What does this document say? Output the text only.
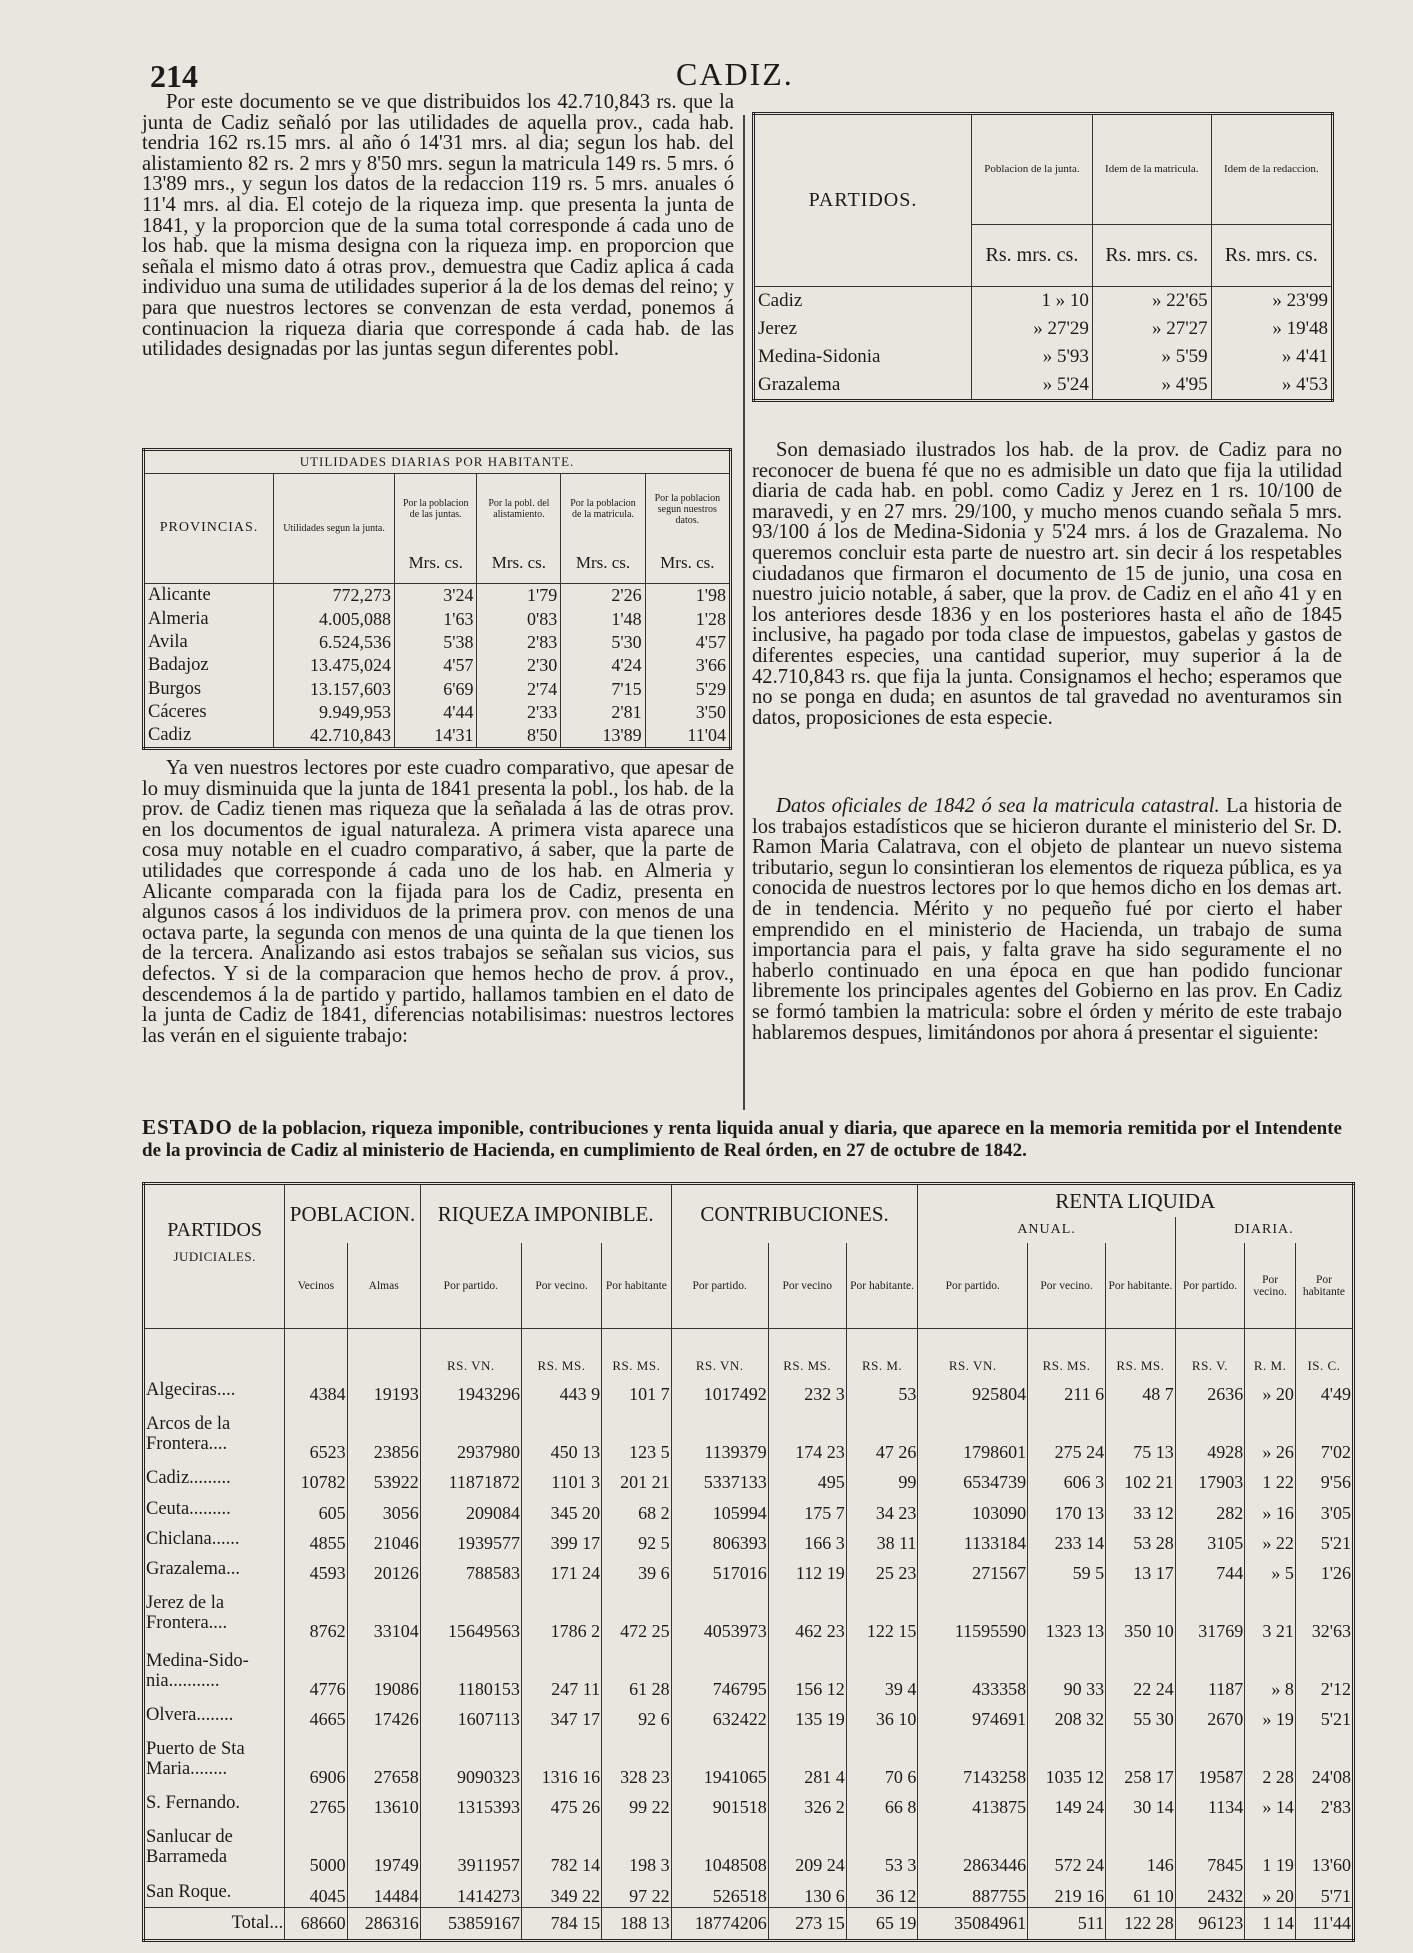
214	CADIZ.

Por este documento se ve que distribuidos los 42.710,843 rs. que la junta de Cadiz señaló por las utilidades de aquella prov., cada hab. tendria 162 rs.15 mrs. al año ó 14'31 mrs. al dia; segun los hab. del alistamiento 82 rs. 2 mrs y 8'50 mrs. segun la matricula 149 rs. 5 mrs. ó 13'89 mrs., y segun los datos de la redaccion 119 rs. 5 mrs. anuales ó 11'4 mrs. al dia. El cotejo de la riqueza imp. que presenta la junta de 1841, y la proporcion que de la suma total corresponde á cada uno de los hab. que la misma designa con la riqueza imp. en proporcion que señala el mismo dato á otras prov., demuestra que Cadiz aplica á cada individuo una suma de utilidades superior á la de los demas del reino; y para que nuestros lectores se convenzan de esta verdad, ponemos á continuacion la riqueza diaria que corresponde á cada hab. de las utilidades designadas por las juntas segun diferentes pobl.

UTILIDADES DIARIAS POR HABITANTE.					
PROVINCIAS.	Utilidades segun la junta.	Por la poblacion de las juntas.	Por la pobl. del alistamiento.	Por la poblacion de la matricula.	Por la poblacion segun nuestros datos.
		Mrs. cs.	Mrs. cs.	Mrs. cs.	Mrs. cs.
Alicante	772,273	3'24	1'79	2'26	1'98
Almeria	4.005,088	1'63	0'83	1'48	1'28
Avila	6.524,536	5'38	2'83	5'30	4'57
Badajoz	13.475,024	4'57	2'30	4'24	3'66
Burgos	13.157,603	6'69	2'74	7'15	5'29
Cáceres	9.949,953	4'44	2'33	2'81	3'50
Cadiz	42.710,843	14'31	8'50	13'89	11'04

Ya ven nuestros lectores por este cuadro comparativo, que apesar de lo muy disminuida que la junta de 1841 presenta la pobl., los hab. de la prov. de Cadiz tienen mas riqueza que la señalada á las de otras prov. en los documentos de igual naturaleza. A primera vista aparece una cosa muy notable en el cuadro comparativo, á saber, que la parte de utilidades que corresponde á cada uno de los hab. en Almeria y Alicante comparada con la fijada para los de Cadiz, presenta en algunos casos á los individuos de la primera prov. con menos de una octava parte, la segunda con menos de una quinta de la que tienen los de la tercera. Analizando asi estos trabajos se señalan sus vicios, sus defectos. Y si de la comparacion que hemos hecho de prov. á prov., descendemos á la de partido y partido, hallamos tambien en el dato de la junta de Cadiz de 1841, diferencias notabilisimas: nuestros lectores las verán en el siguiente trabajo:

PARTIDOS.	Poblacion de la junta.	Idem de la matricula.	Idem de la redaccion.
	Rs. mrs. cs.	Rs. mrs. cs.	Rs. mrs. cs.
Cadiz	1 » 10	» 22'65	» 23'99
Jerez	» 27'29	» 27'27	» 19'48
Medina-Sidonia	» 5'93	» 5'59	» 4'41
Grazalema	» 5'24	» 4'95	» 4'53

Son demasiado ilustrados los hab. de la prov. de Cadiz para no reconocer de buena fé que no es admisible un dato que fija la utilidad diaria de cada hab. en pobl. como Cadiz y Jerez en 1 rs. 10/100 de maravedi, y en 27 mrs. 29/100, y mucho menos cuando señala 5 mrs. 93/100 á los de Medina-Sidonia y 5'24 mrs. á los de Grazalema. No queremos concluir esta parte de nuestro art. sin decir á los respetables ciudadanos que firmaron el documento de 15 de junio, una cosa en nuestro juicio notable, á saber, que la prov. de Cadiz en el año 41 y en los anteriores desde 1836 y en los posteriores hasta el año de 1845 inclusive, ha pagado por toda clase de impuestos, gabelas y gastos de diferentes especies, una cantidad superior, muy superior á la de 42.710,843 rs. que fija la junta. Consignamos el hecho; esperamos que no se ponga en duda; en asuntos de tal gravedad no aventuramos sin datos, proposiciones de esta especie.

Datos oficiales de 1842 ó sea la matricula catastral. La historia de los trabajos estadísticos que se hicieron durante el ministerio del Sr. D. Ramon Maria Calatrava, con el objeto de plantear un nuevo sistema tributario, segun lo consintieran los elementos de riqueza pública, es ya conocida de nuestros lectores por lo que hemos dicho en los demas art. de in tendencia. Mérito y no pequeño fué por cierto el haber emprendido en el ministerio de Hacienda, un trabajo de suma importancia para el pais, y falta grave ha sido seguramente el no haberlo continuado en una época en que han podido funcionar libremente los principales agentes del Gobierno en las prov. En Cadiz se formó tambien la matricula: sobre el órden y mérito de este trabajo hablaremos despues, limitándonos por ahora á presentar el siguiente:

ESTADO de la poblacion, riqueza imponible, contribuciones y renta liquida anual y diaria, que aparece en la memoria remitida por el Intendente de la provincia de Cadiz al ministerio de Hacienda, en cumplimiento de Real órden, en 27 de octubre de 1842.
PARTIDOS	POBLACION.		RIQUEZA IMPONIBLE.			CONTRIBUCIONES.			RENTA LIQUIDA					
									ANUAL.			DIARIA.		
JUDICIALES.	Vecinos	Almas	Por partido.	Por vecino.	Por habitante	Por partido.	Por vecino	Por habitante.	Por partido.	Por vecino.	Por habitante.	Por partido.	Por vecino.	Por habitante
			RS. VN.	RS. MS.	RS. MS.	RS. VN.	RS. MS.	RS. M.	RS. VN.	RS. MS.	RS. MS.	RS. V.	R. M.	IS. C.

Algeciras....	4384	19193	1943296	443 9	101 7	1017492	232 3	53	925804	211 6	48 7	2636	» 20	4'49

Arcos de la
Frontera....	6523	23856	2937980	450 13	123 5	1139379	174 23	47 26	1798601	275 24	75 13	4928	» 26	7'02

Cadiz.........	10782	53922	11871872	1101 3	201 21	5337133	495	99	6534739	606 3	102 21	17903	1 22	9'56

Ceuta.........	605	3056	209084	345 20	68 2	105994	175 7	34 23	103090	170 13	33 12	282	» 16	3'05

Chiclana......	4855	21046	1939577	399 17	92 5	806393	166 3	38 11	1133184	233 14	53 28	3105	» 22	5'21

Grazalema...	4593	20126	788583	171 24	39 6	517016	112 19	25 23	271567	59 5	13 17	744	» 5	1'26

Jerez de la
Frontera....	8762	33104	15649563	1786 2	472 25	4053973	462 23	122 15	11595590	1323 13	350 10	31769	3 21	32'63

Medina-Sido-
nia...........	4776	19086	1180153	247 11	61 28	746795	156 12	39 4	433358	90 33	22 24	1187	» 8	2'12

Olvera........	4665	17426	1607113	347 17	92 6	632422	135 19	36 10	974691	208 32	55 30	2670	» 19	5'21

Puerto de Sta
Maria........	6906	27658	9090323	1316 16	328 23	1941065	281 4	70 6	7143258	1035 12	258 17	19587	2 28	24'08

S. Fernando.	2765	13610	1315393	475 26	99 22	901518	326 2	66 8	413875	149 24	30 14	1134	» 14	2'83

Sanlucar de
Barrameda	5000	19749	3911957	782 14	198 3	1048508	209 24	53 3	2863446	572 24	146	7845	1 19	13'60

San Roque.	4045	14484	1414273	349 22	97 22	526518	130 6	36 12	887755	219 16	61 10	2432	» 20	5'71
Total...	68660	286316	53859167	784 15	188 13	18774206	273 15	65 19	35084961	511	122 28	96123	1 14	11'44
